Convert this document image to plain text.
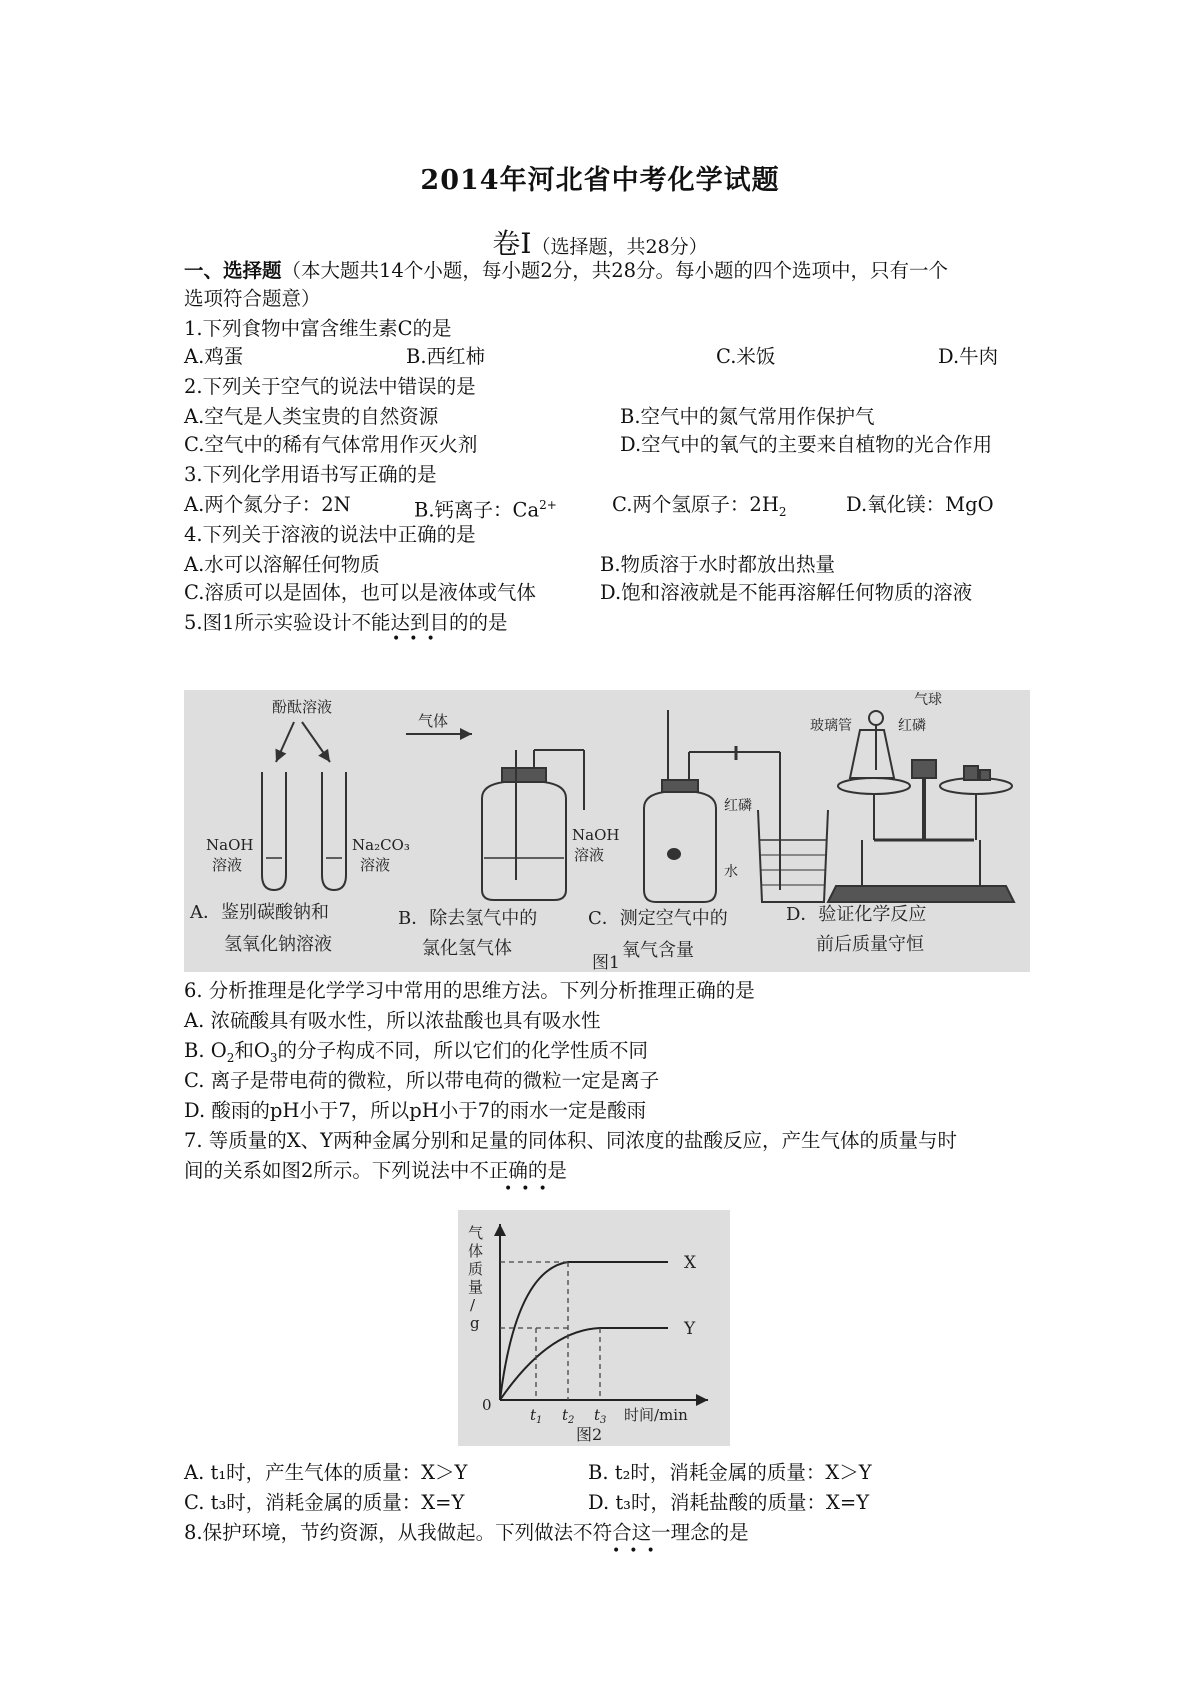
2014年河北省中考化学试题
卷Ⅰ（选择题，共28分）
一、选择题（本大题共14个小题，每小题2分，共28分。每小题的四个选项中，只有一个
选项符合题意）
1.下列食物中富含维生素C的是
A.鸡蛋	B.西红柿	C.米饭	D.牛肉
2.下列关于空气的说法中错误的是
A.空气是人类宝贵的自然资源	B.空气中的氮气常用作保护气
C.空气中的稀有气体常用作灭火剂	D.空气中的氧气的主要来自植物的光合作用
3.下列化学用语书写正确的是
A.两个氮分子：2N	B.钙离子：$Ca^{2+}$	C.两个氢原子：$2H_2$	D.氧化镁：MgO
4.下列关于溶液的说法中正确的是
A.水可以溶解任何物质	B.物质溶于水时都放出热量
C.溶质可以是固体，也可以是液体或气体	D.饱和溶液就是不能再溶解任何物质的溶液
5.图1所示实验设计不能达到目的的是
•••
酚酞溶液
NaOH
溶液
Na₂CO₃
溶液
气体
NaOH
溶液
红磷
水
玻璃管
气球
红磷
A．鉴别碳酸钠和
氢氧化钠溶液
B．除去氢气中的
氯化氢气体
C．测定空气中的
氧气含量
D．验证化学反应
前后质量守恒
图1
6. 分析推理是化学学习中常用的思维方法。下列分析推理正确的是
A. 浓硫酸具有吸水性，所以浓盐酸也具有吸水性
B. $O_2$和$O_3$的分子构成不同，所以它们的化学性质不同
C. 离子是带电荷的微粒，所以带电荷的微粒一定是离子
D. 酸雨的pH小于7，所以pH小于7的雨水一定是酸雨
7. 等质量的X、Y两种金属分别和足量的同体积、同浓度的盐酸反应，产生气体的质量与时
间的关系如图2所示。下列说法中不正确的是
•••
气
体
质
量
/
g
0
$t_1$ $t_2$ $t_3$ 时间/min
X
Y
图2
A. t₁时，产生气体的质量：X＞Y	B. t₂时，消耗金属的质量：X＞Y
C. t₃时，消耗金属的质量：X=Y	D. t₃时，消耗盐酸的质量：X=Y
8.保护环境，节约资源，从我做起。下列做法不符合这一理念的是
•••
